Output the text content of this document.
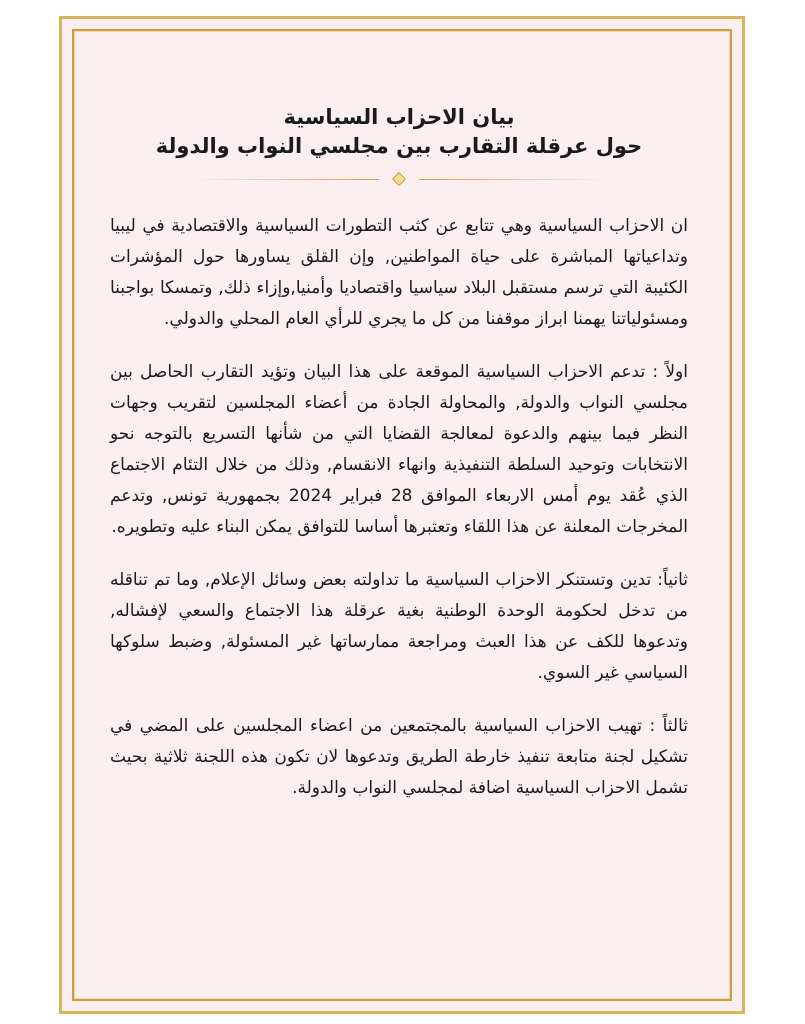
بيان الاحزاب السياسية
حول عرقلة التقارب بين مجلسي النواب والدولة

ان الاحزاب السياسية وهي تتابع عن كثب التطورات السياسية والاقتصادية في ليبيا وتداعياتها المباشرة على حياة المواطنين, وإن القلق يساورها حول المؤشرات الكئيبة التي ترسم مستقبل البلاد سياسيا واقتصاديا وأمنيا,وإزاء ذلك, وتمسكا بواجبنا ومسئولياتنا يهمنا ابراز موقفنا من كل ما يجري للرأي العام المحلي والدولي.

اولاً : تدعم الاحزاب السياسية الموقعة على هذا البيان وتؤيد التقارب الحاصل بين مجلسي النواب والدولة, والمحاولة الجادة من أعضاء المجلسين لتقريب وجهات النظر فيما بينهم والدعوة لمعالجة القضايا التي من شأنها التسريع بالتوجه نحو الانتخابات وتوحيد السلطة التنفيذية وانهاء الانقسام, وذلك من خلال التئام الاجتماع الذي عُقد يوم أمس الاربعاء الموافق 28 فبراير 2024 بجمهورية تونس, وتدعم المخرجات المعلنة عن هذا اللقاء وتعتبرها أساسا للتوافق يمكن البناء عليه وتطويره.

ثانياً: تدين وتستنكر الاحزاب السياسية ما تداولته بعض وسائل الإعلام, وما تم تناقله من تدخل لحكومة الوحدة الوطنية بغية عرقلة هذا الاجتماع والسعي لإفشاله, وتدعوها للكف عن هذا العبث ومراجعة ممارساتها غير المسئولة, وضبط سلوكها السياسي غير السوي.

ثالثاً : تهيب الاحزاب السياسية بالمجتمعين من اعضاء المجلسين على المضي في تشكيل لجنة متابعة تنفيذ خارطة الطريق وتدعوها لان تكون هذه اللجنة ثلاثية بحيث تشمل الاحزاب السياسية اضافة لمجلسي النواب والدولة.
